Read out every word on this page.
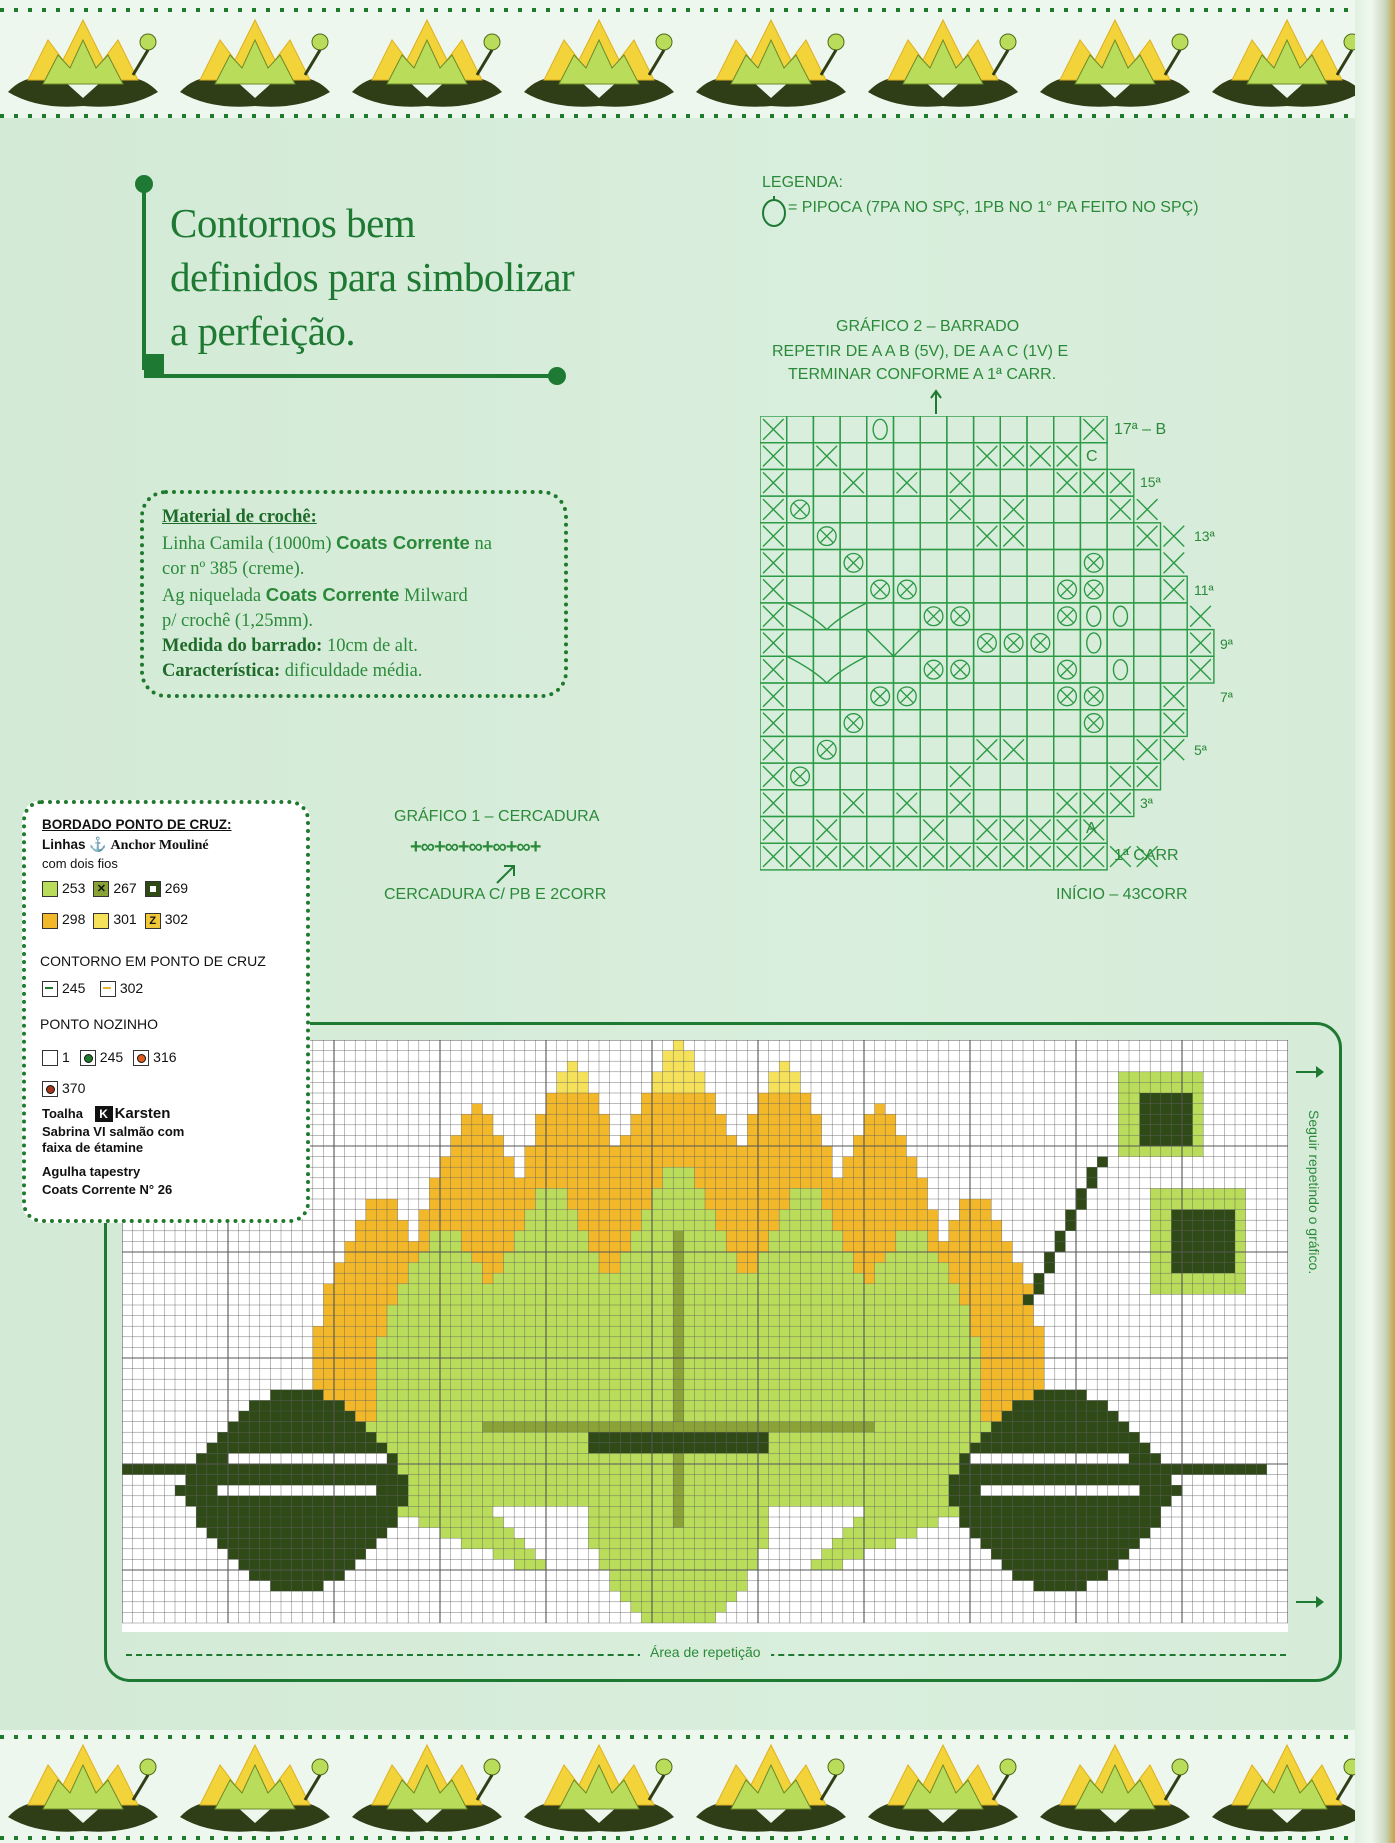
Contornos bem
definidos para simbolizar
a perfeição.
Material de crochê:
Linha Camila (1000m) Coats Corrente na
cor nº 385 (creme).
Ag niquelada Coats Corrente Milward
p/ crochê (1,25mm).
Medida do barrado: 10cm de alt.
Característica: dificuldade média.
LEGENDA:
= PIPOCA (7PA NO SPÇ, 1PB NO 1° PA FEITO NO SPÇ)
GRÁFICO 2 – BARRADO
REPETIR DE A A B (5V), DE A A C (1V) E
TERMINAR CONFORME A 1ª CARR.
17ª – B
C
15ª
13ª
11ª
9ª
7ª
5ª
3ª
A
1ª CARR
INÍCIO – 43CORR
GRÁFICO 1 – CERCADURA
+∞+∞+∞+∞+∞+
CERCADURA C/ PB E 2CORR
Seguir repetindo o gráfico.
Área de repetição
BORDADO PONTO DE CRUZ:
Linhas ⚓ Anchor Mouliné
com dois fios
253 ✕ 267 269
298 301 Z 302
CONTORNO EM PONTO DE CRUZ
245 302
PONTO NOZINHO
1 245 316

370
Toalha K Karsten
Sabrina VI salmão com
faixa de étamine
Agulha tapestry
Coats Corrente N° 26
